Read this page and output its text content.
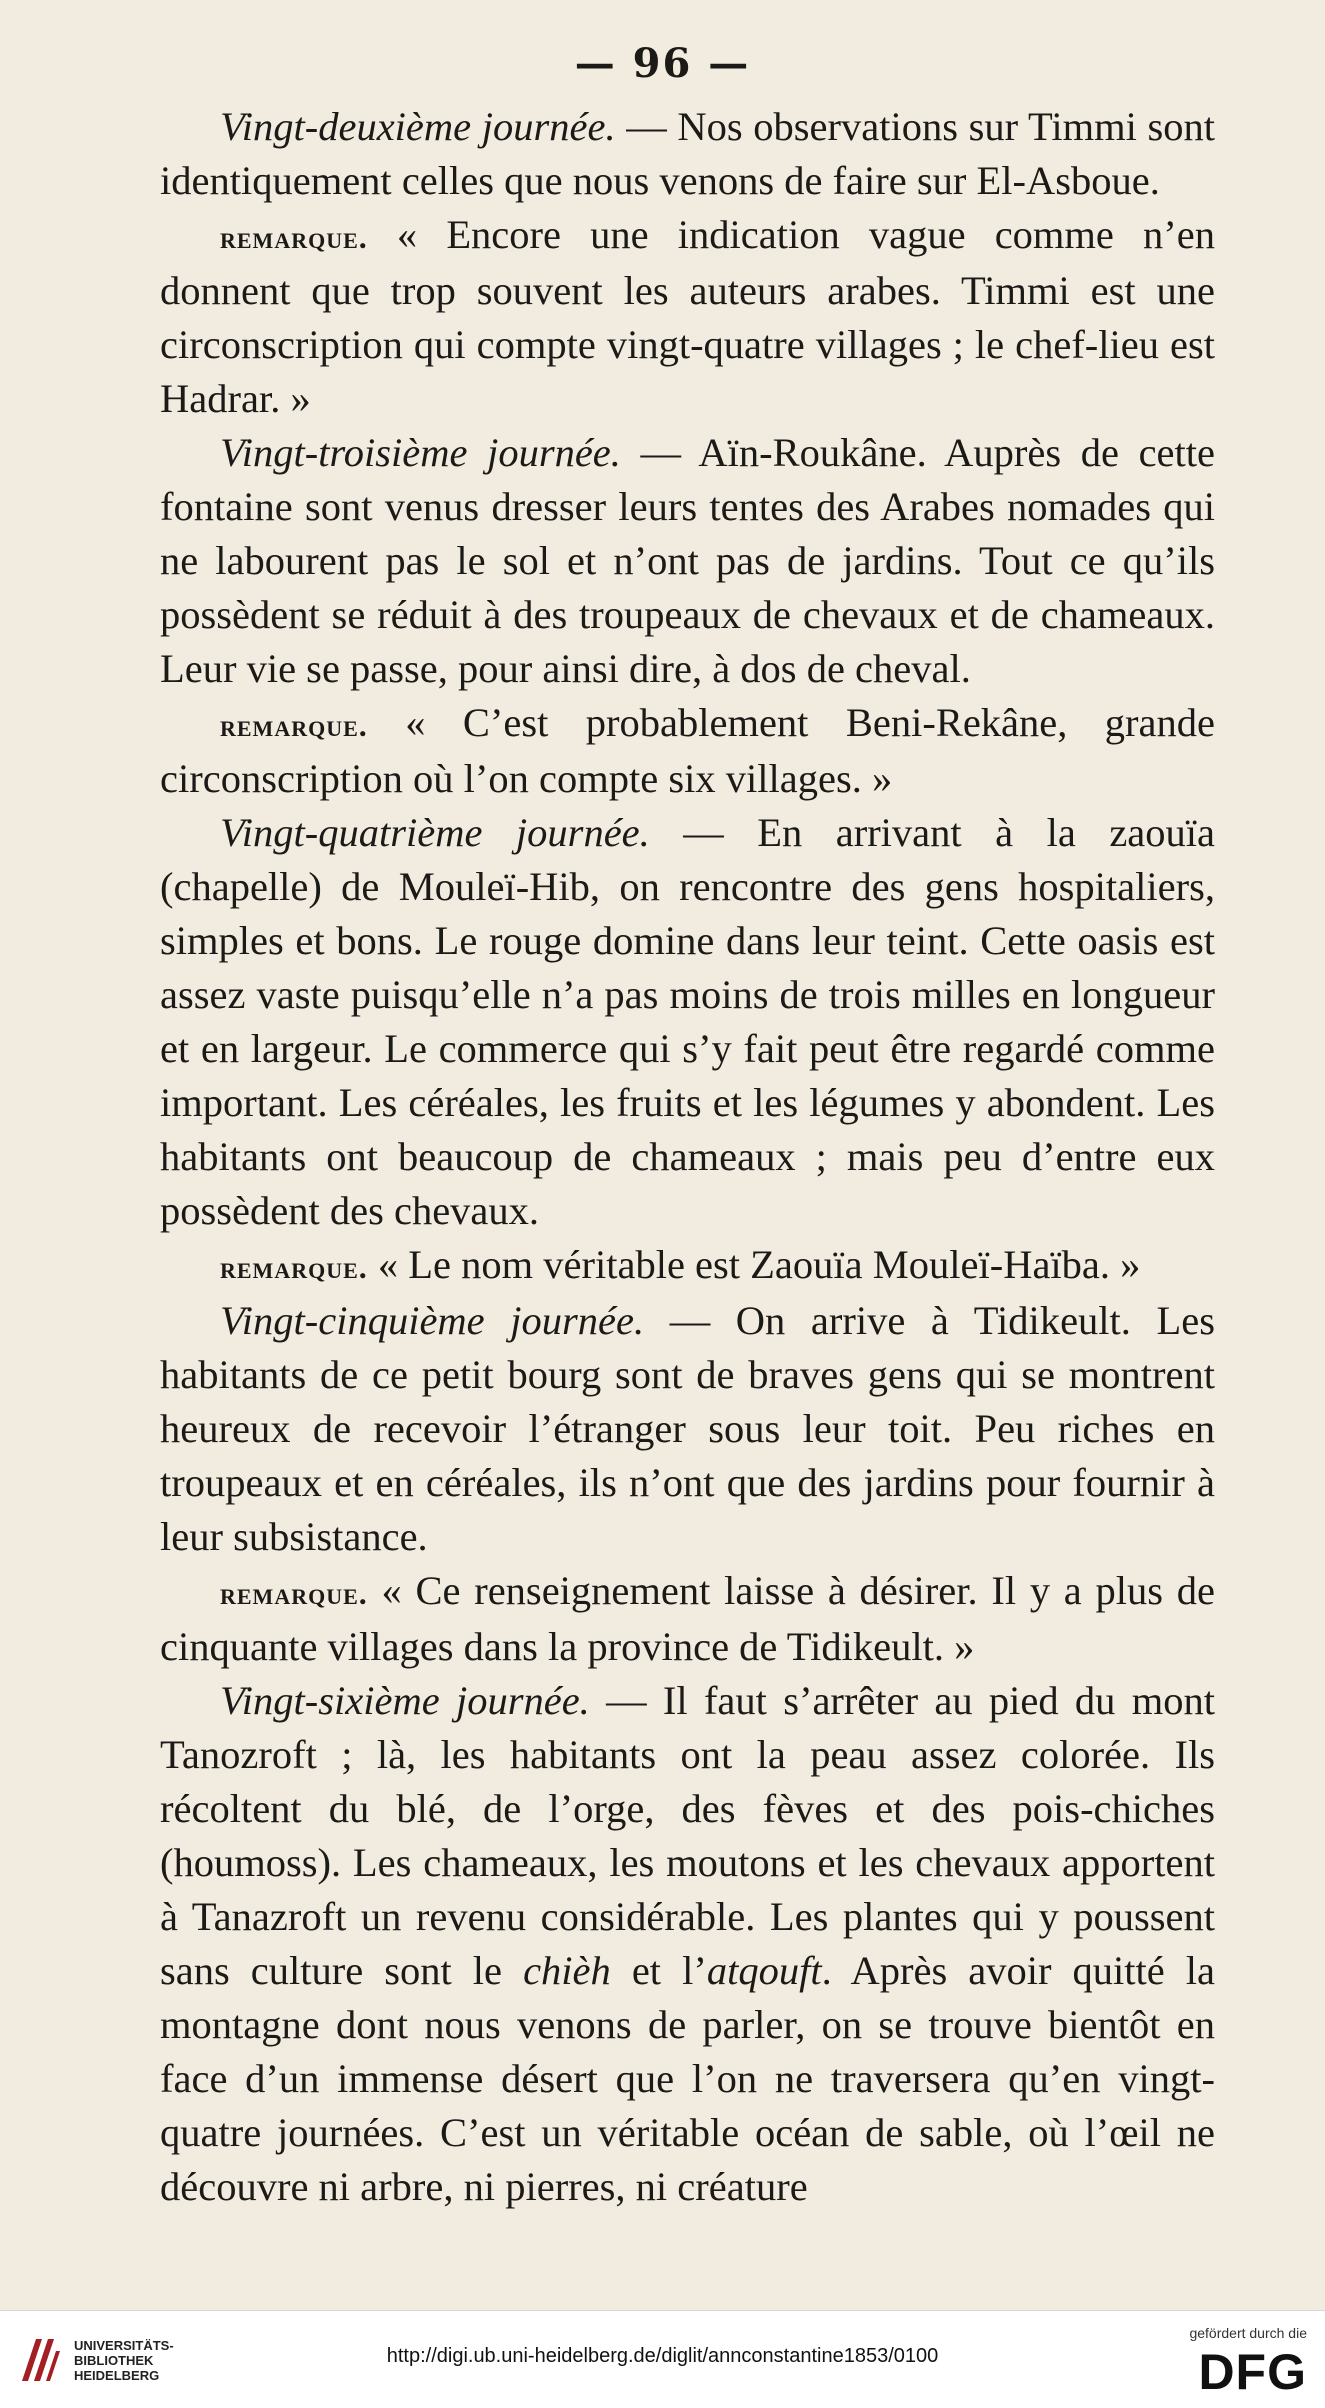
— 96 —

Vingt-deuxième journée. — Nos observations sur Timmi sont identiquement celles que nous venons de faire sur El-Asboue.

remarque. « Encore une indication vague comme n’en donnent que trop souvent les auteurs arabes. Timmi est une circonscription qui compte vingt-quatre villages ; le chef-lieu est Hadrar. »

Vingt-troisième journée. — Aïn-Roukâne. Auprès de cette fontaine sont venus dresser leurs tentes des Arabes nomades qui ne labourent pas le sol et n’ont pas de jardins. Tout ce qu’ils possèdent se réduit à des troupeaux de chevaux et de chameaux. Leur vie se passe, pour ainsi dire, à dos de cheval.

remarque. « C’est probablement Beni-Rekâne, grande circonscription où l’on compte six villages. »

Vingt-quatrième journée. — En arrivant à la zaouïa (chapelle) de Mouleï-Hib, on rencontre des gens hospitaliers, simples et bons. Le rouge domine dans leur teint. Cette oasis est assez vaste puisqu’elle n’a pas moins de trois milles en longueur et en largeur. Le commerce qui s’y fait peut être regardé comme important. Les céréales, les fruits et les légumes y abondent. Les habitants ont beaucoup de chameaux ; mais peu d’entre eux possèdent des chevaux.

remarque. « Le nom véritable est Zaouïa Mouleï-Haïba. »

Vingt-cinquième journée. — On arrive à Tidikeult. Les habitants de ce petit bourg sont de braves gens qui se montrent heureux de recevoir l’étranger sous leur toit. Peu riches en troupeaux et en céréales, ils n’ont que des jardins pour fournir à leur subsistance.

remarque. « Ce renseignement laisse à désirer. Il y a plus de cinquante villages dans la province de Tidikeult. »

Vingt-sixième journée. — Il faut s’arrêter au pied du mont Tanozroft ; là, les habitants ont la peau assez colorée. Ils récoltent du blé, de l’orge, des fèves et des pois-chiches (houmoss). Les chameaux, les moutons et les chevaux apportent à Tanazroft un revenu considérable. Les plantes qui y poussent sans culture sont le chièh et l’atqouft. Après avoir quitté la montagne dont nous venons de parler, on se trouve bientôt en face d’un immense désert que l’on ne traversera qu’en vingt-quatre journées. C’est un véritable océan de sable, où l’œil ne découvre ni arbre, ni pierres, ni créature

UNIVERSITÄTS-
BIBLIOTHEK
HEIDELBERG
http://digi.ub.uni-heidelberg.de/diglit/annconstantine1853/0100
gefördert durch die
DFG
